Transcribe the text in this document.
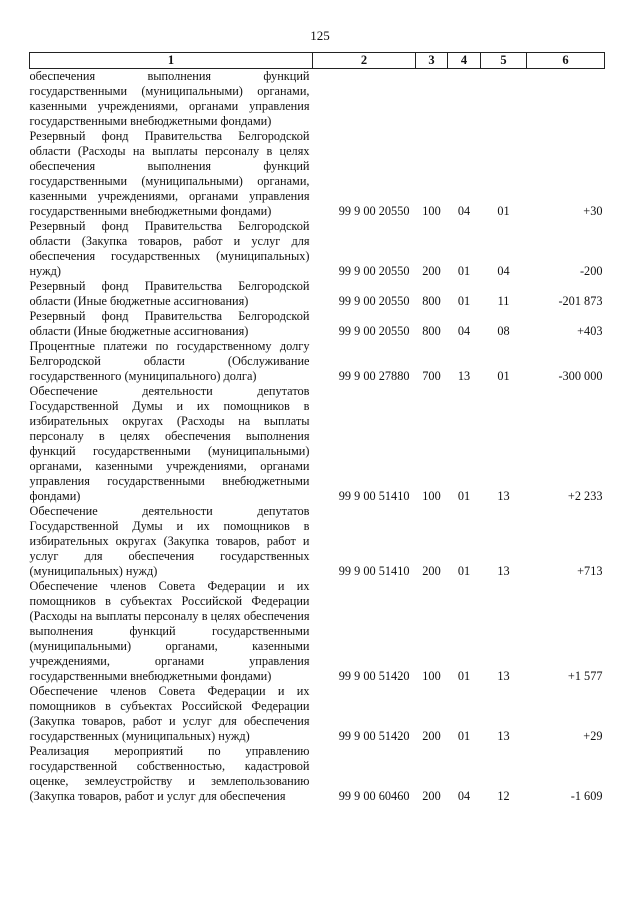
125
1	2	3	4	5	6
обеспечения выполнения функций государственными (муниципальными) органами, казенными учреждениями, органами управления государственными внебюджетными фондами)					
Резервный фонд Правительства Белгородской области (Расходы на выплаты персоналу в целях обеспечения выполнения функций государственными (муниципальными) органами, казенными учреждениями, органами управления государственными внебюджетными фондами)	99 9 00 20550	100	04	01	+30
Резервный фонд Правительства Белгородской области (Закупка товаров, работ и услуг для обеспечения государственных (муниципальных) нужд)	99 9 00 20550	200	01	04	-200
Резервный фонд Правительства Белгородской области (Иные бюджетные ассигнования)	99 9 00 20550	800	01	11	-201 873
Резервный фонд Правительства Белгородской области (Иные бюджетные ассигнования)	99 9 00 20550	800	04	08	+403
Процентные платежи по государственному долгу Белгородской области (Обслуживание государственного (муниципального) долга)	99 9 00 27880	700	13	01	-300 000
Обеспечение деятельности депутатов Государственной Думы и их помощников в избирательных округах (Расходы на выплаты персоналу в целях обеспечения выполнения функций государственными (муниципальными) органами, казенными учреждениями, органами управления государственными внебюджетными фондами)	99 9 00 51410	100	01	13	+2 233
Обеспечение деятельности депутатов Государственной Думы и их помощников в избирательных округах (Закупка товаров, работ и услуг для обеспечения государственных (муниципальных) нужд)	99 9 00 51410	200	01	13	+713
Обеспечение членов Совета Федерации и их помощников в субъектах Российской Федерации (Расходы на выплаты персоналу в целях обеспечения выполнения функций государственными (муниципальными) органами, казенными учреждениями, органами управления государственными внебюджетными фондами)	99 9 00 51420	100	01	13	+1 577
Обеспечение членов Совета Федерации и их помощников в субъектах Российской Федерации (Закупка товаров, работ и услуг для обеспечения государственных (муниципальных) нужд)	99 9 00 51420	200	01	13	+29
Реализация мероприятий по управлению государственной собственностью, кадастровой оценке, землеустройству и землепользованию (Закупка товаров, работ и услуг для обеспечения	99 9 00 60460	200	04	12	-1 609
